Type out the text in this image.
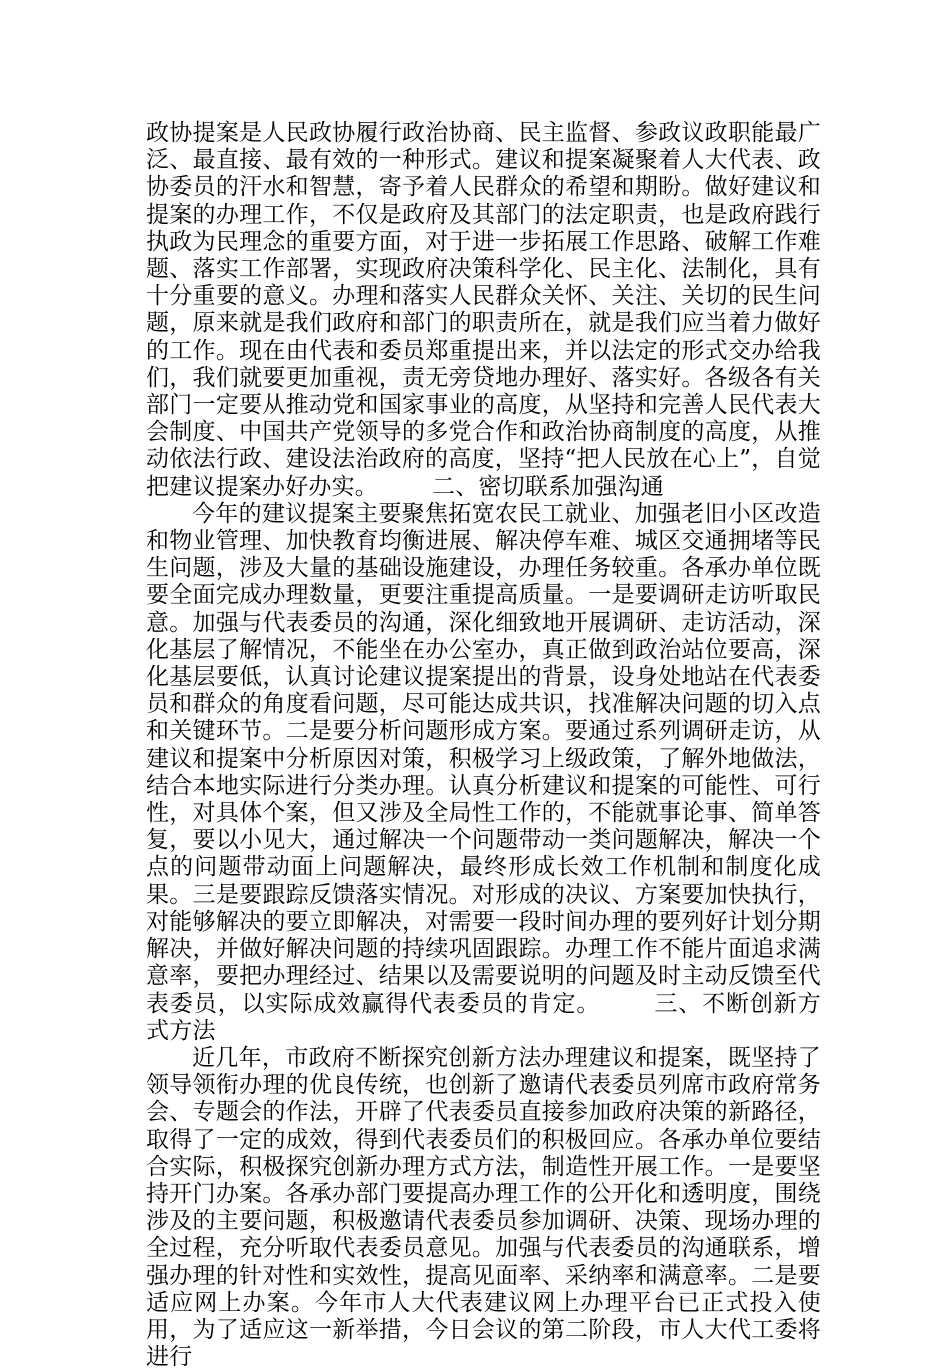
政协提案是人民政协履行政治协商、民主监督、参政议政职能最广泛、最直接、最有效的一种形式。建议和提案凝聚着人大代表、政协委员的汗水和智慧，寄予着人民群众的希望和期盼。做好建议和提案的办理工作，不仅是政府及其部门的法定职责，也是政府践行执政为民理念的重要方面，对于进一步拓展工作思路、破解工作难题、落实工作部署，实现政府决策科学化、民主化、法制化，具有十分重要的意义。办理和落实人民群众关怀、关注、关切的民生问题，原来就是我们政府和部门的职责所在，就是我们应当着力做好的工作。现在由代表和委员郑重提出来，并以法定的形式交办给我们，我们就要更加重视，责无旁贷地办理好、落实好。各级各有关部门一定要从推动党和国家事业的高度，从坚持和完善人民代表大会制度、中国共产党领导的多党合作和政治协商制度的高度，从推动依法行政、建设法治政府的高度，坚持“把人民放在心上”，自觉把建议提案办好办实。 二、密切联系加强沟通

今年的建议提案主要聚焦拓宽农民工就业、加强老旧小区改造和物业管理、加快教育均衡进展、解决停车难、城区交通拥堵等民生问题，涉及大量的基础设施建设，办理任务较重。各承办单位既要全面完成办理数量，更要注重提高质量。一是要调研走访听取民意。加强与代表委员的沟通，深化细致地开展调研、走访活动，深化基层了解情况，不能坐在办公室办，真正做到政治站位要高，深化基层要低，认真讨论建议提案提出的背景，设身处地站在代表委员和群众的角度看问题，尽可能达成共识，找准解决问题的切入点和关键环节。二是要分析问题形成方案。要通过系列调研走访，从建议和提案中分析原因对策，积极学习上级政策，了解外地做法，结合本地实际进行分类办理。认真分析建议和提案的可能性、可行性，对具体个案，但又涉及全局性工作的，不能就事论事、简单答复，要以小见大，通过解决一个问题带动一类问题解决，解决一个点的问题带动面上问题解决，最终形成长效工作机制和制度化成果。三是要跟踪反馈落实情况。对形成的决议、方案要加快执行，对能够解决的要立即解决，对需要一段时间办理的要列好计划分期解决，并做好解决问题的持续巩固跟踪。办理工作不能片面追求满意率，要把办理经过、结果以及需要说明的问题及时主动反馈至代表委员，以实际成效赢得代表委员的肯定。 三、不断创新方式方法

近几年，市政府不断探究创新方法办理建议和提案，既坚持了领导领衔办理的优良传统，也创新了邀请代表委员列席市政府常务会、专题会的作法，开辟了代表委员直接参加政府决策的新路径，取得了一定的成效，得到代表委员们的积极回应。各承办单位要结合实际，积极探究创新办理方式方法，制造性开展工作。一是要坚持开门办案。各承办部门要提高办理工作的公开化和透明度，围绕涉及的主要问题，积极邀请代表委员参加调研、决策、现场办理的全过程，充分听取代表委员意见。加强与代表委员的沟通联系，增强办理的针对性和实效性，提高见面率、采纳率和满意率。二是要适应网上办案。今年市人大代表建议网上办理平台已正式投入使用，为了适应这一新举措，今日会议的第二阶段，市人大代工委将进行
